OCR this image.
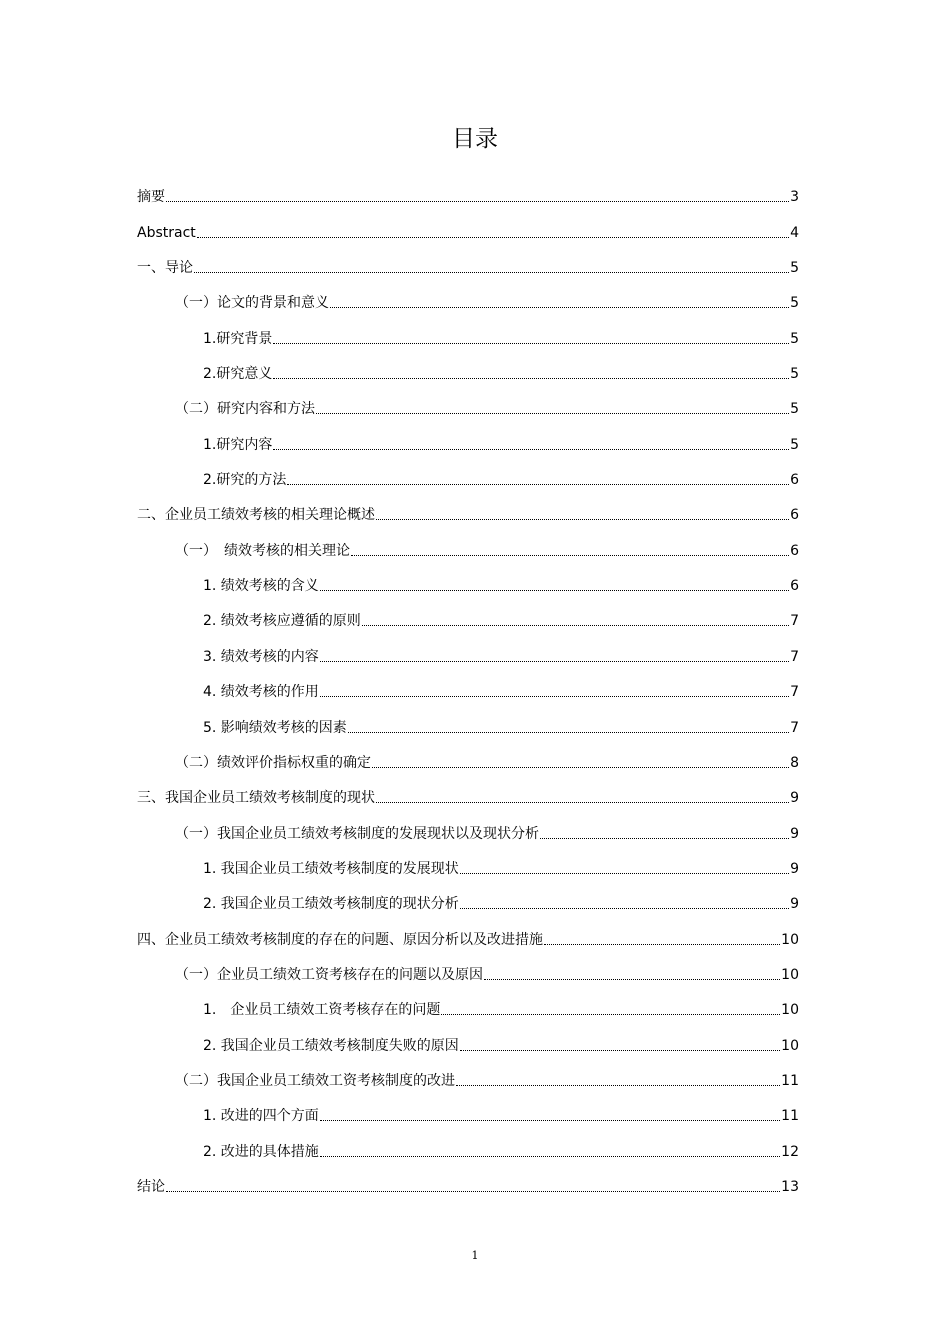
目录
摘要	3
Abstract	4
一、导论	5
（一）论文的背景和意义	5
1.研究背景	5
2.研究意义	5
（二）研究内容和方法	5
1.研究内容	5
2.研究的方法	6
二、企业员工绩效考核的相关理论概述	6
（一）　绩效考核的相关理论	6
1. 绩效考核的含义	6
2. 绩效考核应遵循的原则	7
3. 绩效考核的内容	7
4. 绩效考核的作用	7
5. 影响绩效考核的因素	7
（二）绩效评价指标权重的确定	8
三、我国企业员工绩效考核制度的现状	9
（一）我国企业员工绩效考核制度的发展现状以及现状分析	9
1. 我国企业员工绩效考核制度的发展现状	9
2. 我国企业员工绩效考核制度的现状分析	9
四、企业员工绩效考核制度的存在的问题、原因分析以及改进措施	10
（一）企业员工绩效工资考核存在的问题以及原因	10
1.　企业员工绩效工资考核存在的问题	10
2. 我国企业员工绩效考核制度失败的原因	10
（二）我国企业员工绩效工资考核制度的改进	11
1. 改进的四个方面	11
2. 改进的具体措施	12
结论	13
1
